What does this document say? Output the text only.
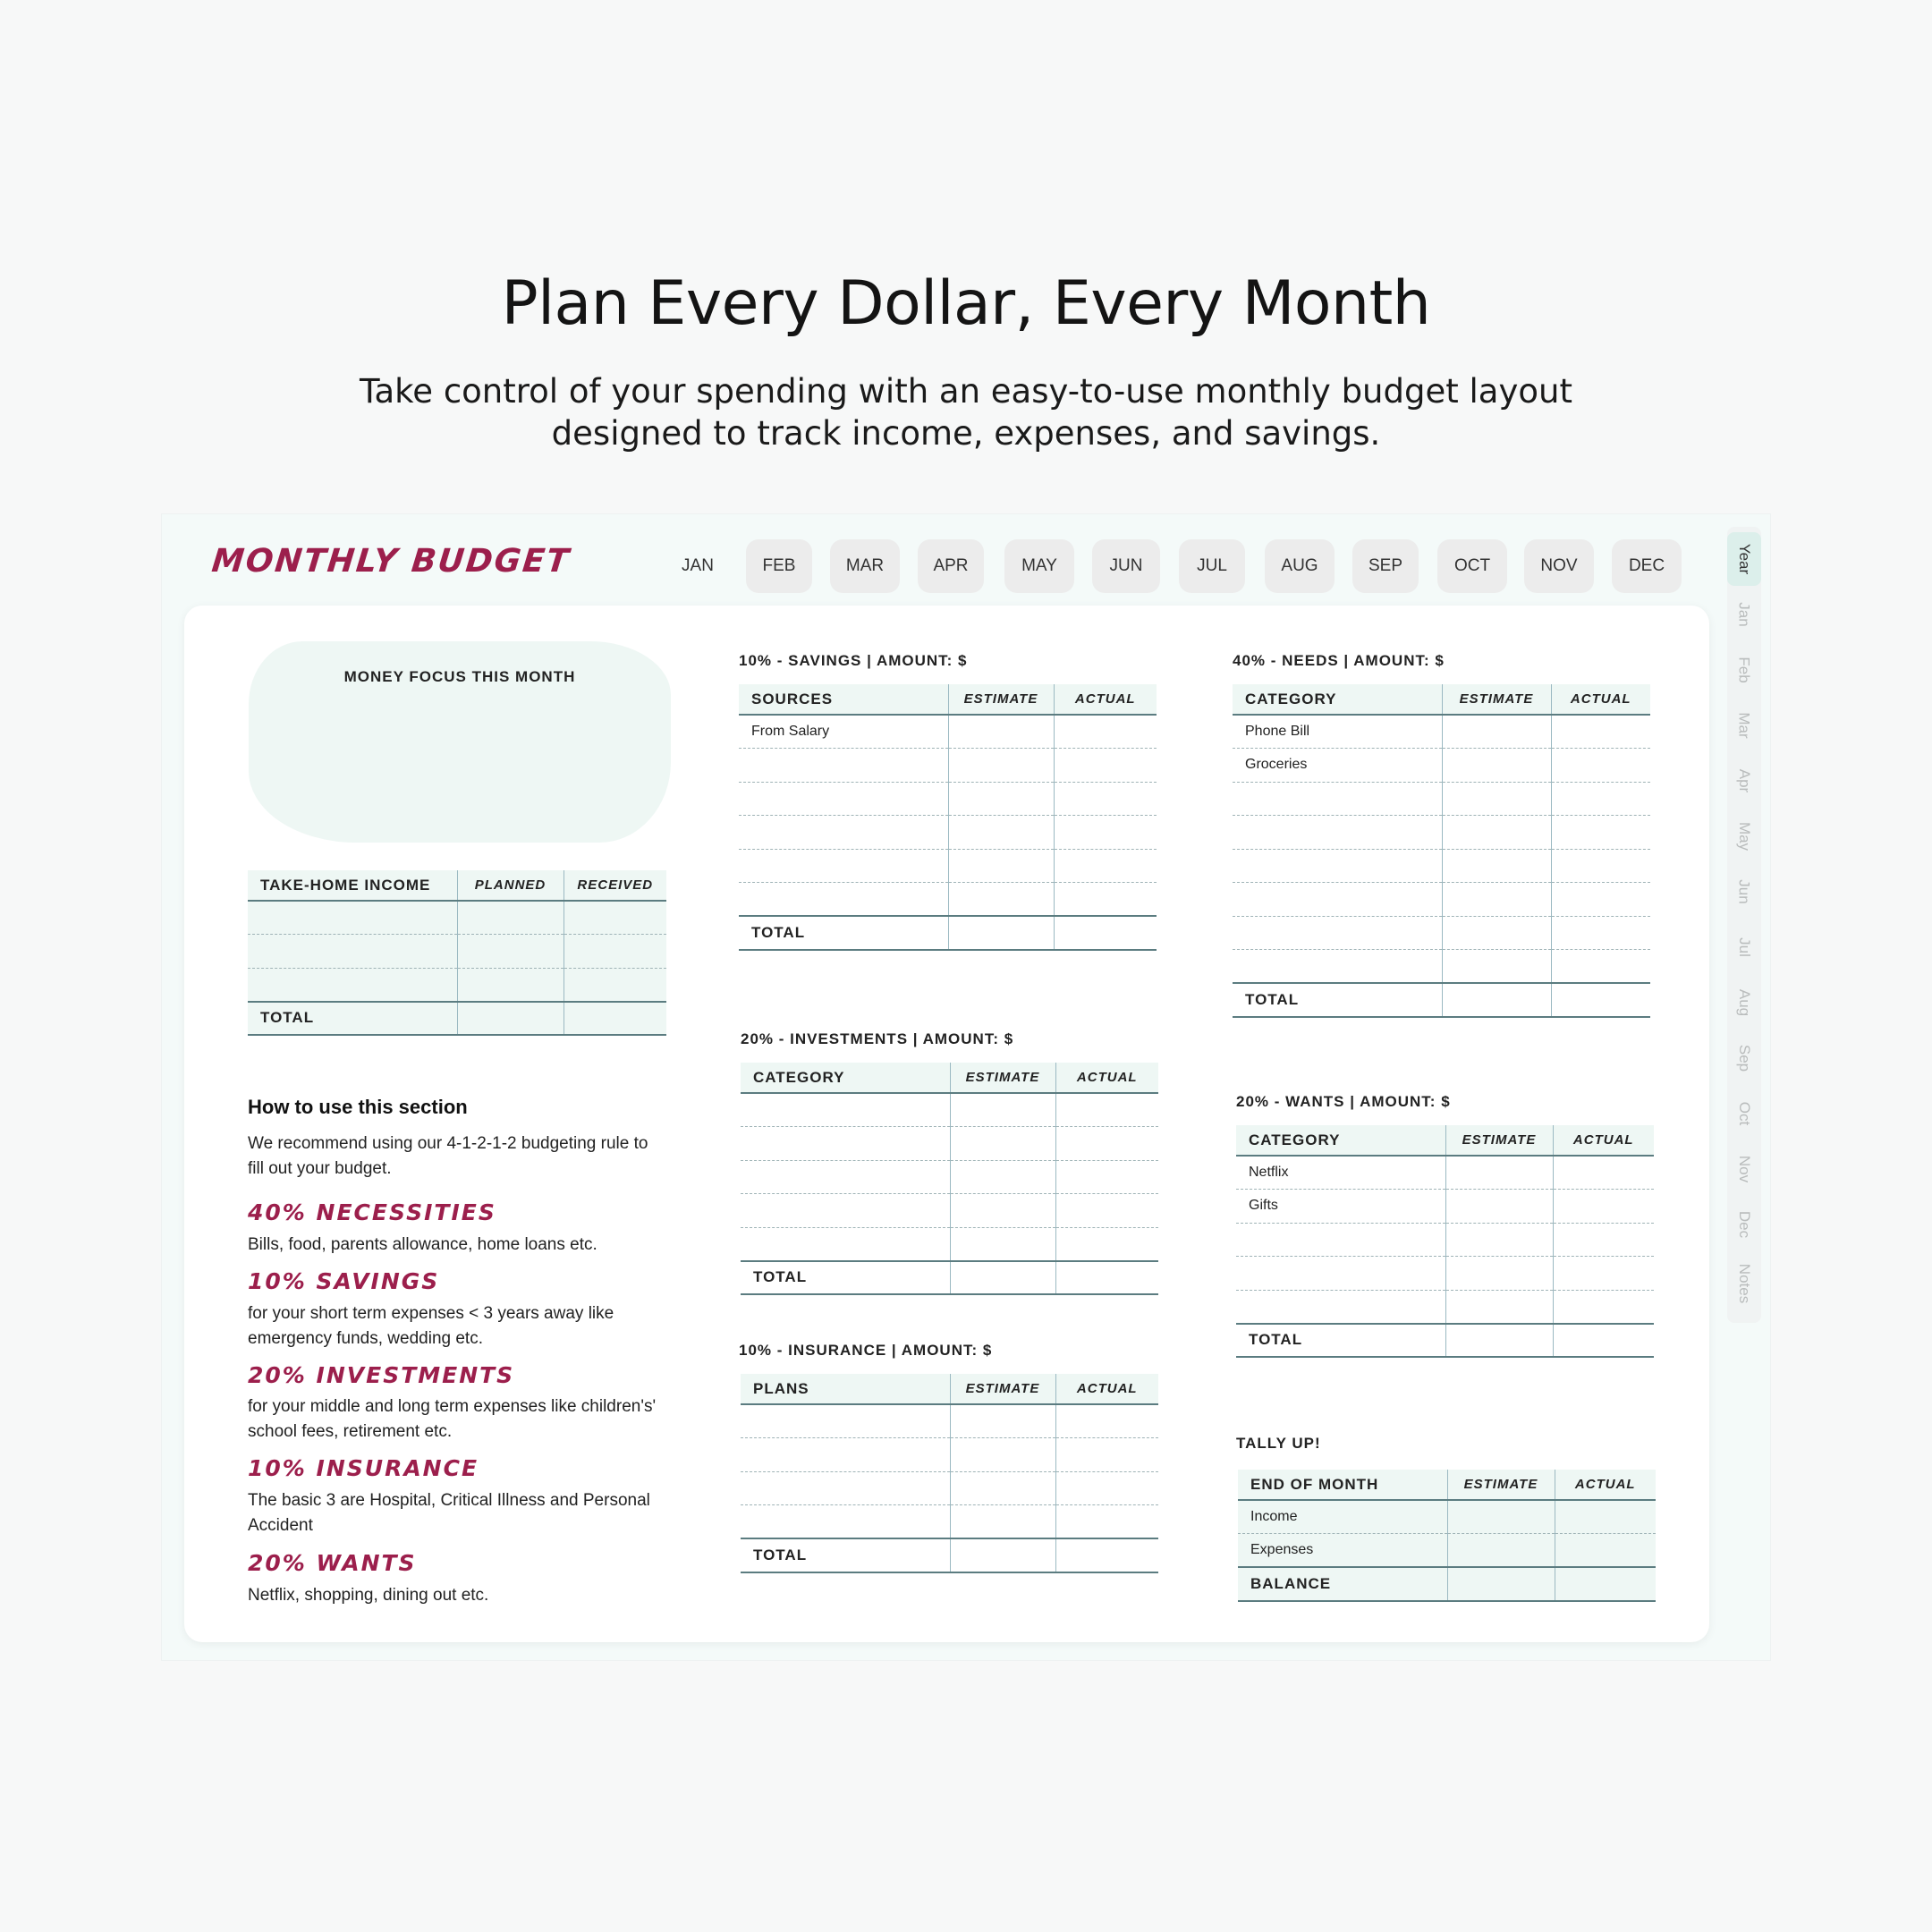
Plan Every Dollar, Every Month
Take control of your spending with an easy-to-use monthly budget layout designed to track income, expenses, and savings.
MONTHLY BUDGET	JAN	FEB	MAR	APR	MAY	JUN	JUL	AUG	SEP	OCT	NOV	DEC	Year
Jan
Feb
Mar
Apr
May
Jun
Jul
Aug
Sep
Oct
Nov
Dec
Notes
MONEY FOCUS THIS MONTH
TAKE-HOME INCOME	PLANNED	RECEIVED

TOTAL		
How to use this section
We recommend using our 4-1-2-1-2 budgeting rule to fill out your budget.
40% NECESSITIES
Bills, food, parents allowance, home loans etc.
10% SAVINGS
for your short term expenses < 3 years away like emergency funds, wedding etc.
20% INVESTMENTS
for your middle and long term expenses like children's' school fees, retirement etc.
10% INSURANCE
The basic 3 are Hospital, Critical Illness and Personal Accident
20% WANTS
Netflix, shopping, dining out etc.
10% - SAVINGS | AMOUNT: $
SOURCES	ESTIMATE	ACTUAL
From Salary		

TOTAL		
20% - INVESTMENTS | AMOUNT: $
CATEGORY	ESTIMATE	ACTUAL

TOTAL		
10% - INSURANCE | AMOUNT: $
PLANS	ESTIMATE	ACTUAL

TOTAL		
40% - NEEDS | AMOUNT: $
CATEGORY	ESTIMATE	ACTUAL
Phone Bill		
Groceries		

TOTAL		
20% - WANTS | AMOUNT: $
CATEGORY	ESTIMATE	ACTUAL
Netflix		
Gifts		

TOTAL		
TALLY UP!
END OF MONTH	ESTIMATE	ACTUAL
Income		
Expenses		
BALANCE		
